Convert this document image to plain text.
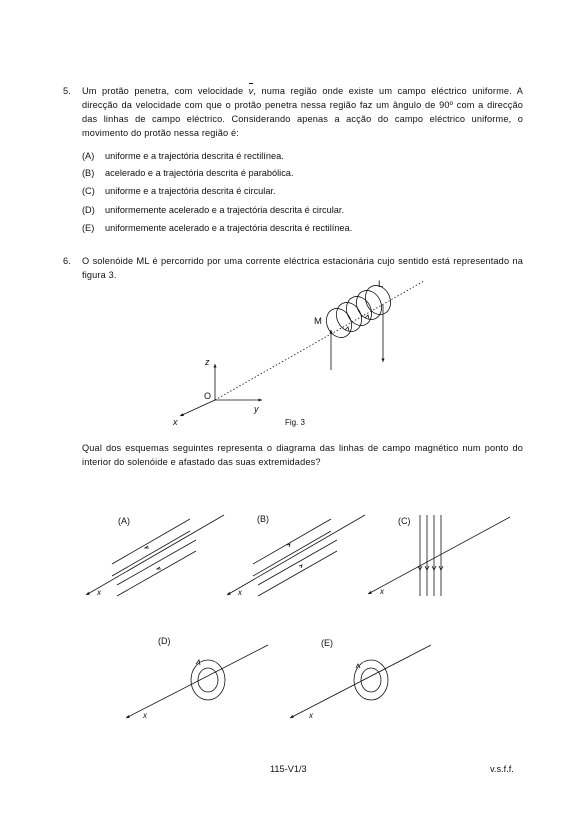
5. Um protão penetra, com velocidade v, numa região onde existe um campo eléctrico uniforme. A direcção da velocidade com que o protão penetra nessa região faz um ângulo de 90º com a direcção das linhas de campo eléctrico. Considerando apenas a acção do campo eléctrico uniforme, o movimento do protão nessa região é:
(A) uniforme e a trajectória descrita é rectilínea.
(B) acelerado e a trajectória descrita é parabólica.
(C) uniforme e a trajectória descrita é circular.
(D) uniformemente acelerado e a trajectória descrita é circular.
(E) uniformemente acelerado e a trajectória descrita é rectilínea.
6. O solenóide ML é percorrido por uma corrente eléctrica estacionária cujo sentido está representado na figura 3.
Qual dos esquemas seguintes representa o diagrama das linhas de campo magnético num ponto do interior do solenóide e afastado das suas extremidades?
L
M
z
y
x
O
Fig. 3
(A)
x
(B)
x
(C)
x
(D)
x
(E)
x
115-V1/3	v.s.f.f.
